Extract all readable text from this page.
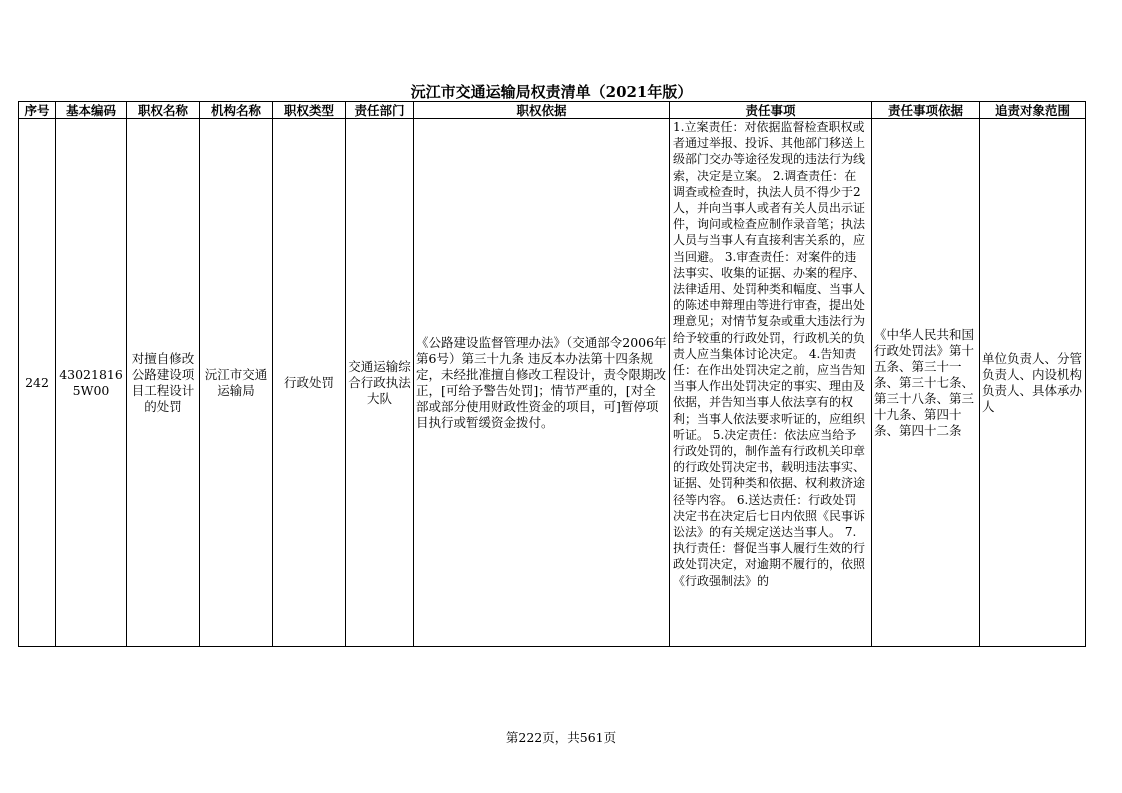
沅江市交通运输局权责清单（2021年版）
序号	基本编码	职权名称	机构名称	职权类型	责任部门	职权依据	责任事项	责任事项依据	追责对象范围
242	430218165W00	对擅自修改公路建设项目工程设计的处罚	沅江市交通运输局	行政处罚	交通运输综合行政执法大队	《公路建设监督管理办法》（交通部令2006年第6号）第三十九条 违反本办法第十四条规定，未经批准擅自修改工程设计，责令限期改正，[可给予警告处罚]；情节严重的，[对全部或部分使用财政性资金的项目，可]暂停项目执行或暂缓资金拨付。	1.立案责任：对依据监督检查职权或者通过举报、投诉、其他部门移送上级部门交办等途径发现的违法行为线索，决定是立案。 2.调查责任：在调查或检查时，执法人员不得少于2人，并向当事人或者有关人员出示证件，询问或检查应制作录音笔；执法人员与当事人有直接利害关系的，应当回避。 3.审查责任：对案件的违法事实、收集的证据、办案的程序、法律适用、处罚种类和幅度、当事人的陈述申辩理由等进行审查，提出处理意见；对情节复杂或重大违法行为给予较重的行政处罚，行政机关的负责人应当集体讨论决定。 4.告知责任：在作出处罚决定之前，应当告知当事人作出处罚决定的事实、理由及依据，并告知当事人依法享有的权利；当事人依法要求听证的，应组织听证。 5.决定责任：依法应当给予行政处罚的，制作盖有行政机关印章的行政处罚决定书，载明违法事实、证据、处罚种类和依据、权利救济途径等内容。 6.送达责任：行政处罚决定书在决定后七日内依照《民事诉讼法》的有关规定送达当事人。 7.执行责任：督促当事人履行生效的行政处罚决定，对逾期不履行的，依照《行政强制法》的	《中华人民共和国行政处罚法》第十五条、第三十一条、第三十七条、第三十八条、第三十九条、第四十条、第四十二条	单位负责人、分管负责人、内设机构负责人、具体承办人
第222页，共561页
